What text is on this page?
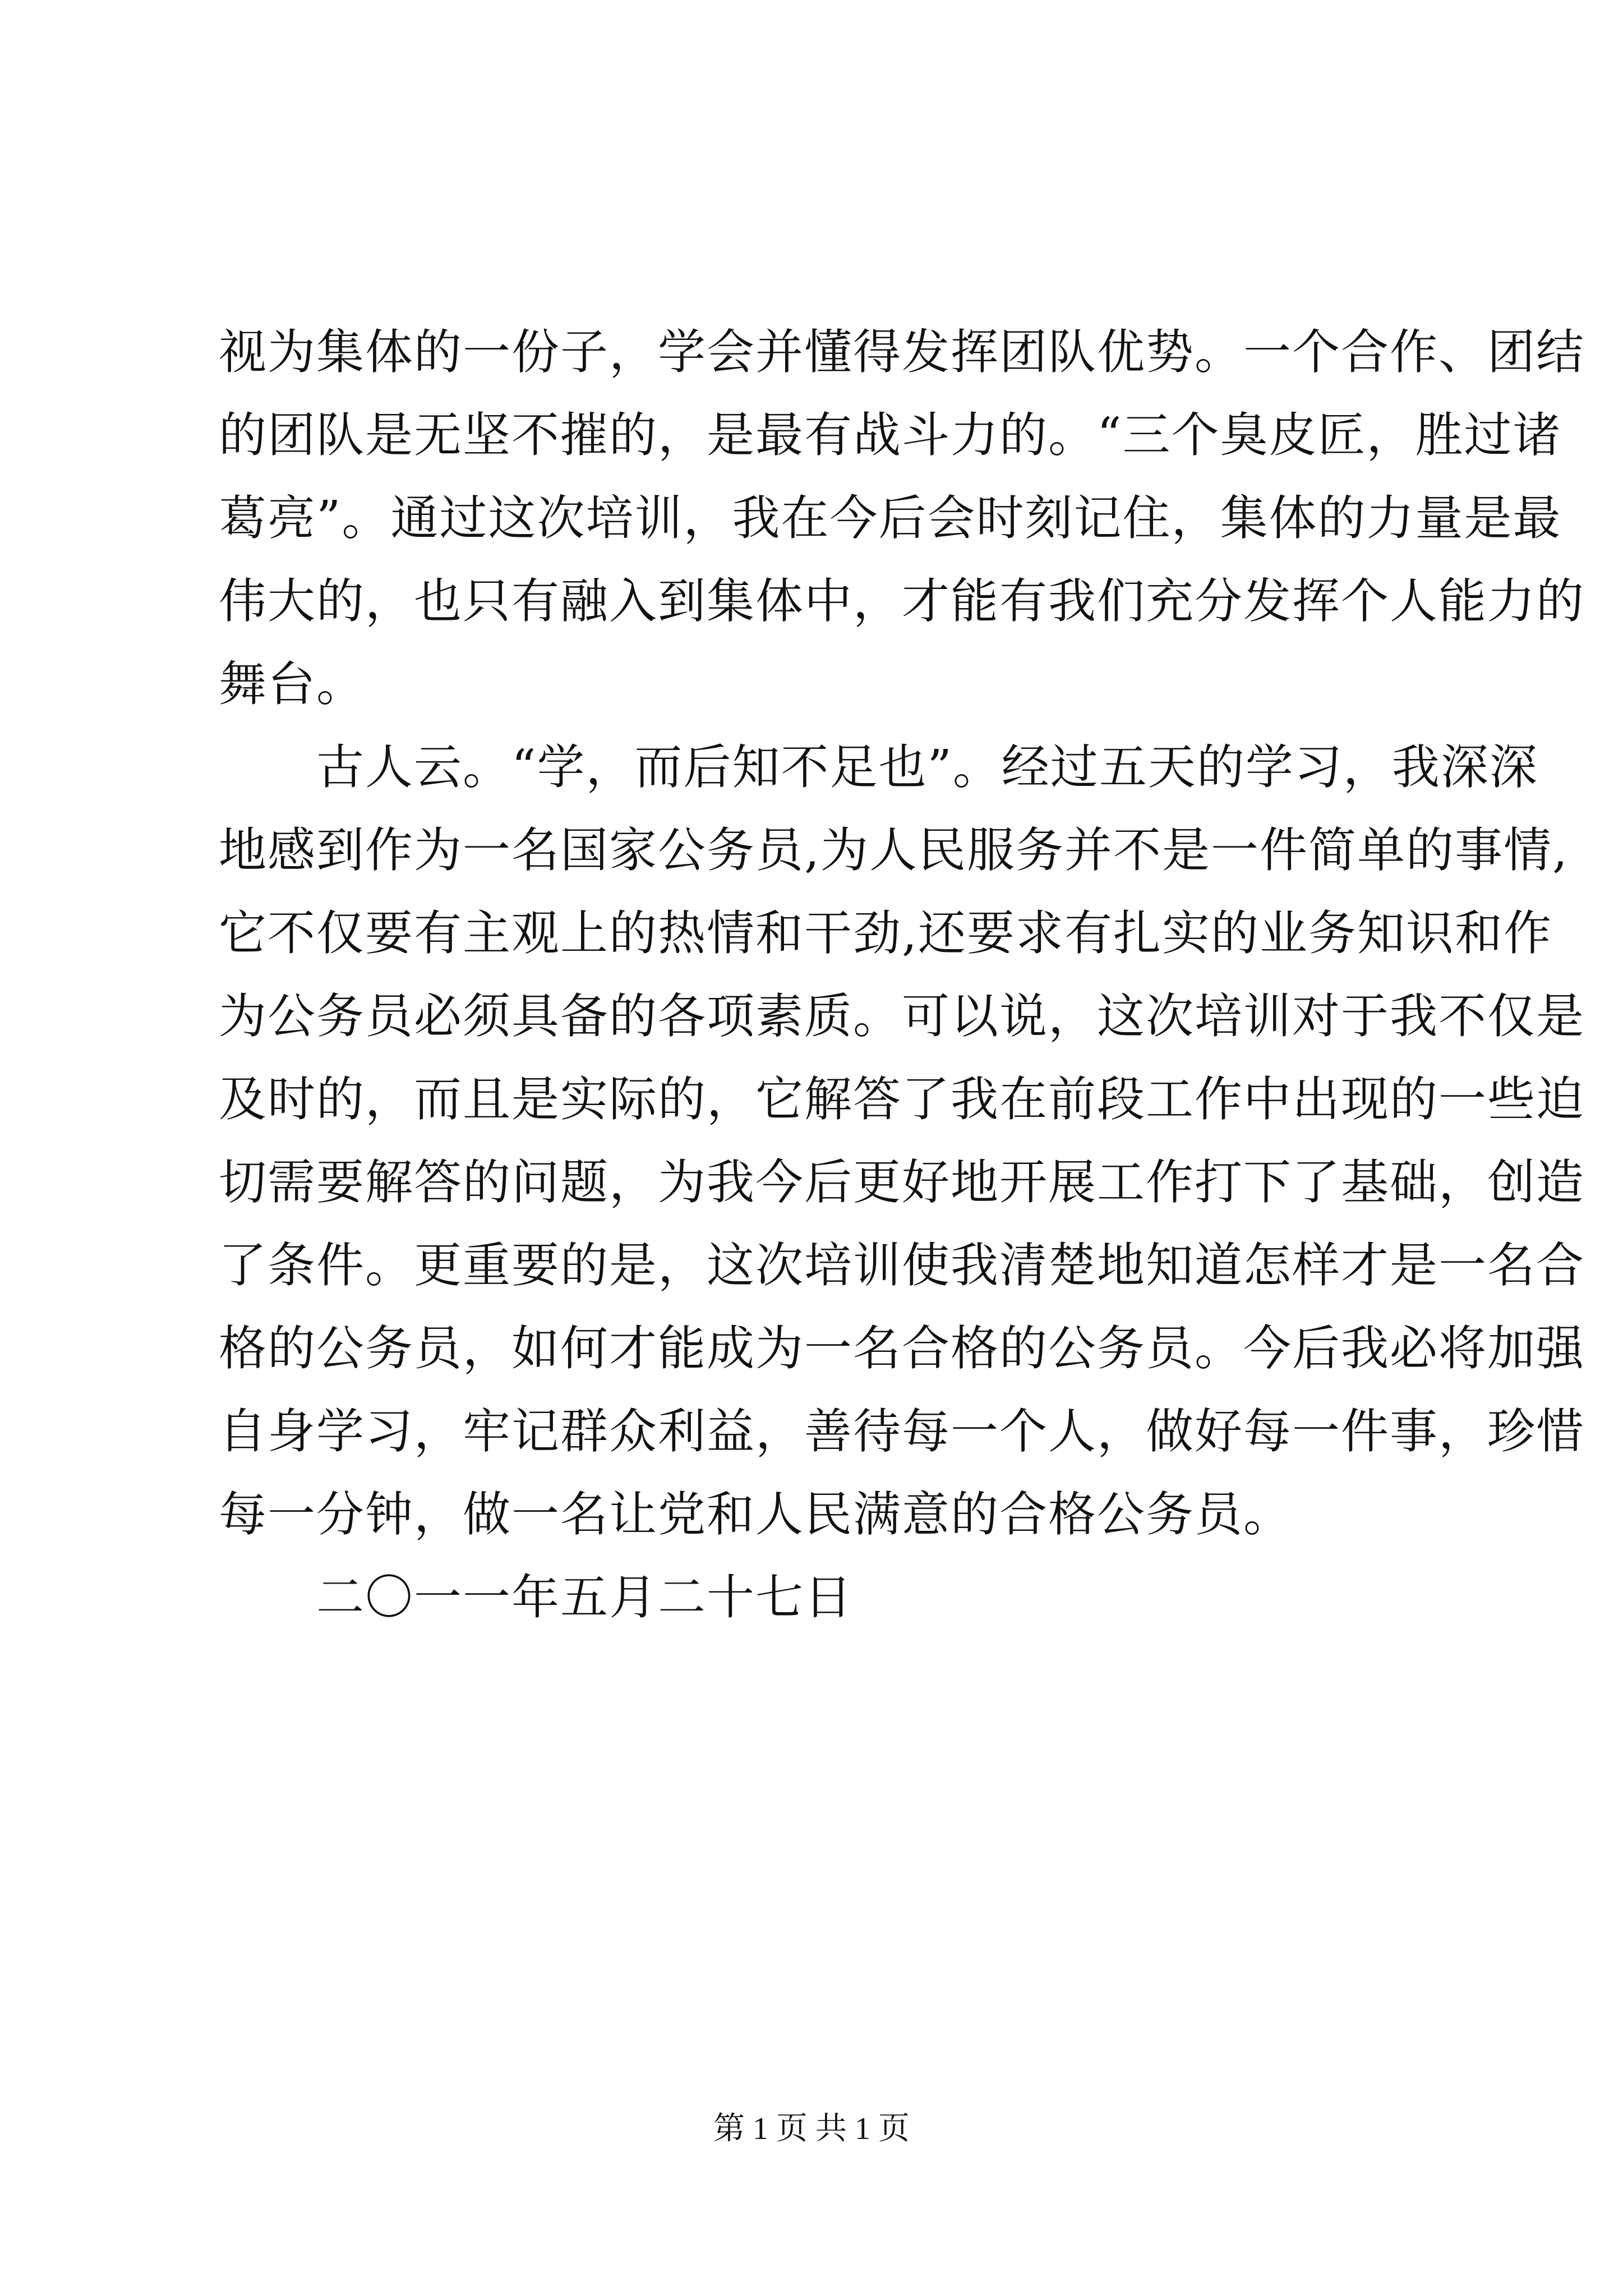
视为集体的一份子，学会并懂得发挥团队优势。一个合作、团结
的团队是无坚不摧的，是最有战斗力的。“三个臭皮匠，胜过诸
葛亮”。通过这次培训，我在今后会时刻记住，集体的力量是最
伟大的，也只有融入到集体中，才能有我们充分发挥个人能力的
舞台。
　　古人云。“学，而后知不足也”。经过五天的学习，我深深
地感到作为一名国家公务员,为人民服务并不是一件简单的事情,
它不仅要有主观上的热情和干劲,还要求有扎实的业务知识和作
为公务员必须具备的各项素质。可以说，这次培训对于我不仅是
及时的，而且是实际的，它解答了我在前段工作中出现的一些迫
切需要解答的问题，为我今后更好地开展工作打下了基础，创造
了条件。更重要的是，这次培训使我清楚地知道怎样才是一名合
格的公务员，如何才能成为一名合格的公务员。今后我必将加强
自身学习，牢记群众利益，善待每一个人，做好每一件事，珍惜
每一分钟，做一名让党和人民满意的合格公务员。
　　二〇一一年五月二十七日
第 1 页 共 1 页
